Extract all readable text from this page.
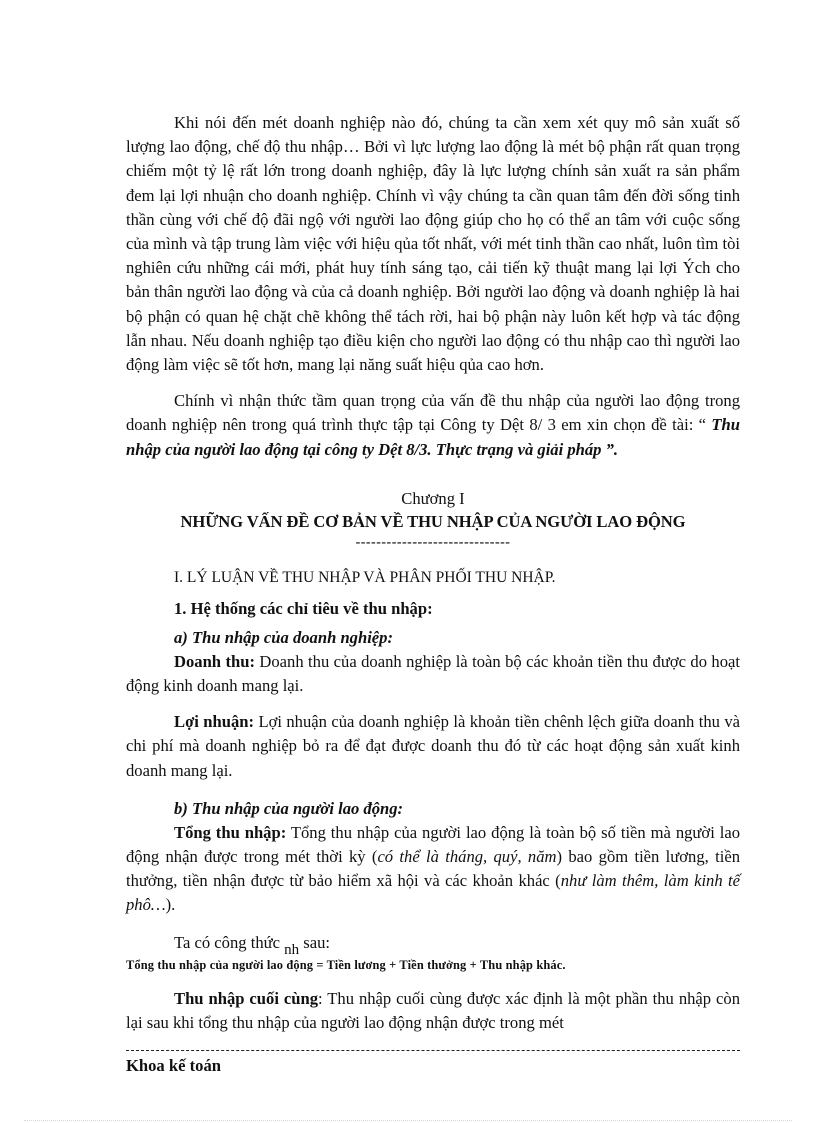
Khi nói đến mét doanh nghiệp nào đó, chúng ta cần xem xét quy mô sản xuất số lượng lao động, chế độ thu nhập… Bởi vì lực lượng lao động là mét bộ phận rất quan trọng chiếm một tỷ lệ rất lớn trong doanh nghiệp, đây là lực lượng chính sản xuất ra sản phẩm đem lại lợi nhuận cho doanh nghiệp. Chính vì vậy chúng ta cần quan tâm đến đời sống tinh thần cùng với chế độ đãi ngộ với người lao động giúp cho họ có thể an tâm với cuộc sống của mình và tập trung làm việc với hiệu qủa tốt nhất, với mét tinh thần cao nhất, luôn tìm tòi nghiên cứu những cái mới, phát huy tính sáng tạo, cải tiến kỹ thuật mang lại lợi Ých cho bản thân người lao động và của cả doanh nghiệp. Bởi người lao động và doanh nghiệp là hai bộ phận có quan hệ chặt chẽ không thể tách rời, hai bộ phận này luôn kết hợp và tác động lẫn nhau. Nếu doanh nghiệp tạo điều kiện cho người lao động có thu nhập cao thì người lao động làm việc sẽ tốt hơn, mang lại năng suất hiệu qủa cao hơn.

Chính vì nhận thức tầm quan trọng của vấn đề thu nhập của người lao động trong doanh nghiệp nên trong quá trình thực tập tại Công ty Dệt 8/ 3 em xin chọn đề tài: “ Thu nhập của người lao động tại công ty Dệt 8/3. Thực trạng và giải pháp ”.

Chương I

NHỮNG VẤN ĐỀ CƠ BẢN VỀ THU NHẬP CỦA NGƯỜI LAO ĐỘNG

------------------------------

I. LÝ LUẬN VỀ THU NHẬP VÀ PHÂN PHỐI THU NHẬP.

1. Hệ thống các chỉ tiêu về thu nhập:

a) Thu nhập của doanh nghiệp:

Doanh thu: Doanh thu của doanh nghiệp là toàn bộ các khoản tiền thu được do hoạt động kinh doanh mang lại.

Lợi nhuận: Lợi nhuận của doanh nghiệp là khoản tiền chênh lệch giữa doanh thu và chi phí mà doanh nghiệp bỏ ra để đạt được doanh thu đó từ các hoạt động sản xuất kinh doanh mang lại.

b) Thu nhập của người lao động:

Tổng thu nhập: Tổng thu nhập của người lao động là toàn bộ số tiền mà người lao động nhận được trong mét thời kỳ (có thể là tháng, quý, năm) bao gồm tiền lương, tiền thưởng, tiền nhận được từ bảo hiểm xã hội và các khoản khác (như làm thêm, làm kinh tế phô…).

Ta có công thức nh sau:

Tổng thu nhập của người lao động = Tiền lương + Tiền thưởng + Thu nhập khác.

Thu nhập cuối cùng: Thu nhập cuối cùng được xác định là một phần thu nhập còn lại sau khi tổng thu nhập của người lao động nhận được trong mét

Khoa kế toán
